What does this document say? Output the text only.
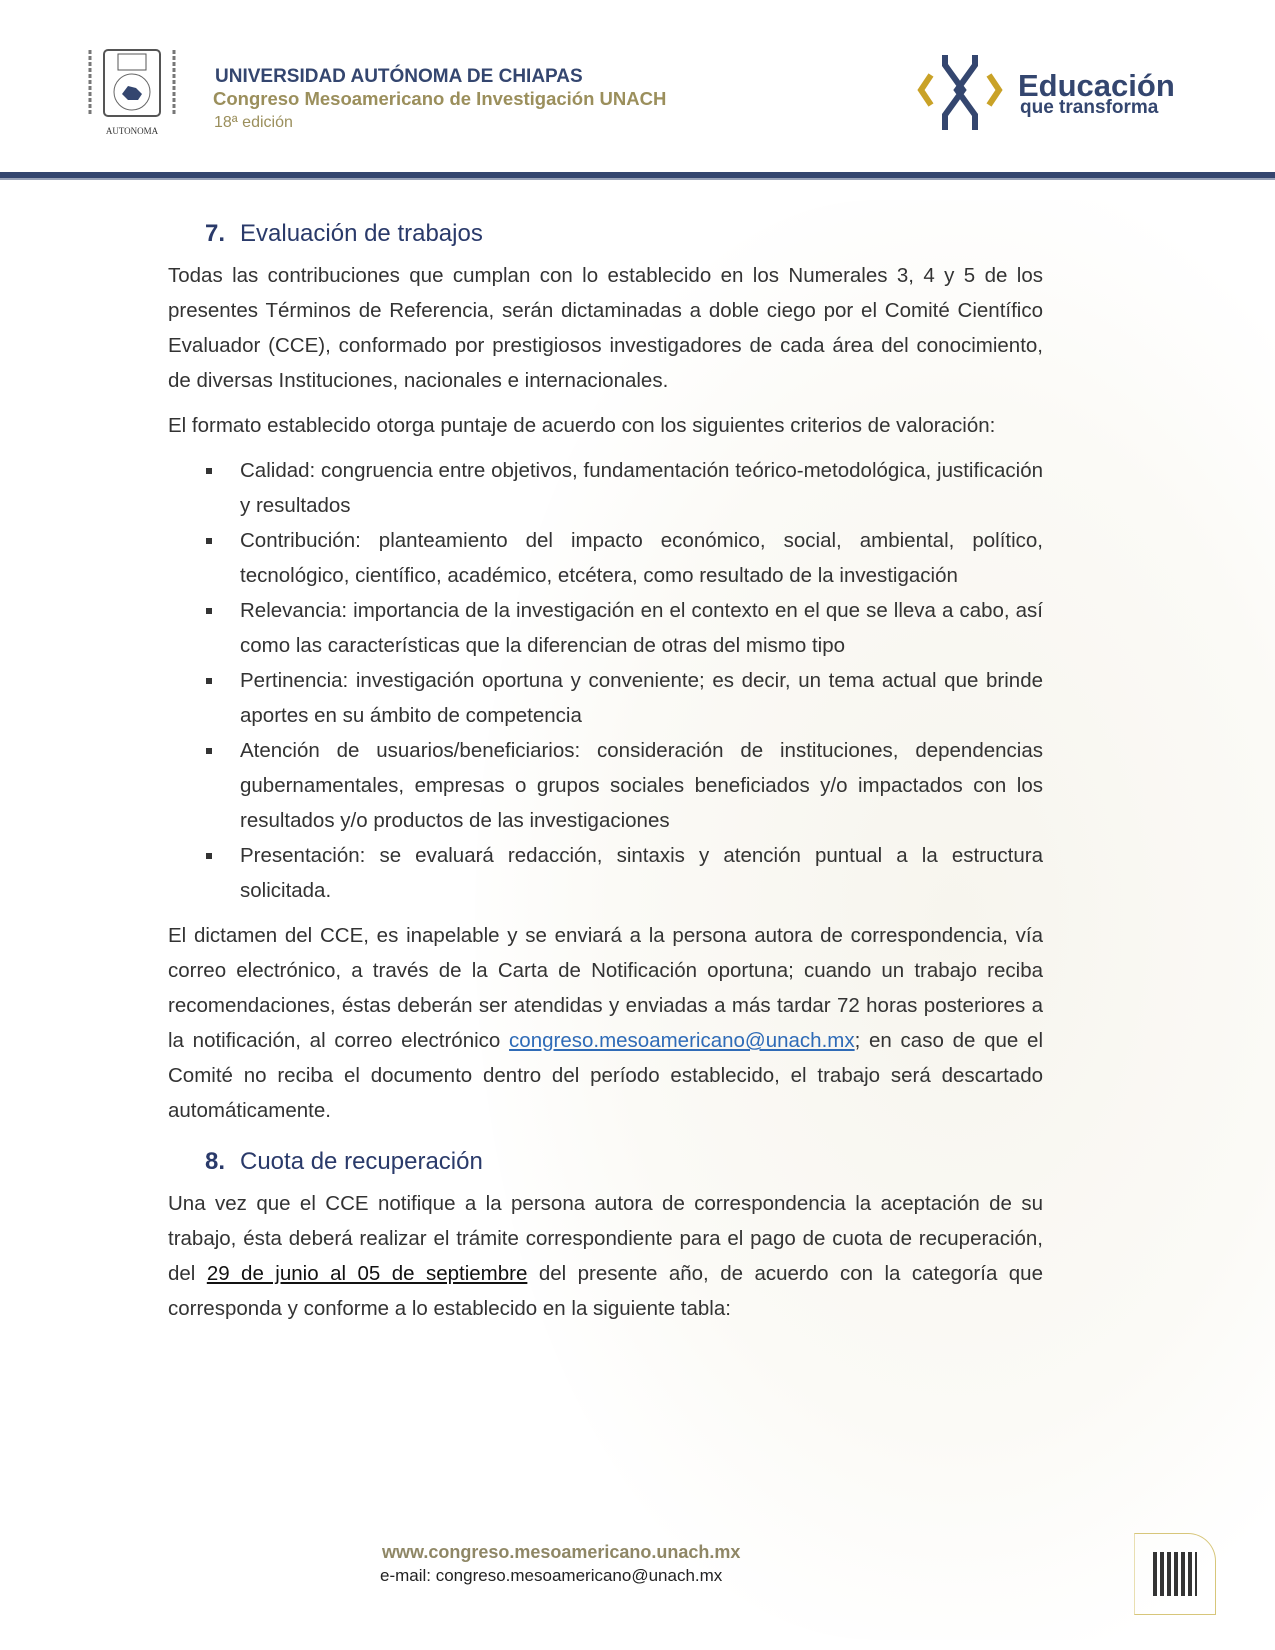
AUTONOMA
UNIVERSIDAD AUTÓNOMA DE CHIAPAS
Congreso Mesoamericano de Investigación UNACH
18ª edición
Educación
que transforma
7. Evaluación de trabajos

Todas las contribuciones que cumplan con lo establecido en los Numerales 3, 4 y 5 de los presentes Términos de Referencia, serán dictaminadas a doble ciego por el Comité Científico Evaluador (CCE), conformado por prestigiosos investigadores de cada área del conocimiento, de diversas Instituciones, nacionales e internacionales.

El formato establecido otorga puntaje de acuerdo con los siguientes criterios de valoración:

Calidad: congruencia entre objetivos, fundamentación teórico-metodológica, justificación y resultados
Contribución: planteamiento del impacto económico, social, ambiental, político, tecnológico, científico, académico, etcétera, como resultado de la investigación
Relevancia: importancia de la investigación en el contexto en el que se lleva a cabo, así como las características que la diferencian de otras del mismo tipo
Pertinencia: investigación oportuna y conveniente; es decir, un tema actual que brinde aportes en su ámbito de competencia
Atención de usuarios/beneficiarios: consideración de instituciones, dependencias gubernamentales, empresas o grupos sociales beneficiados y/o impactados con los resultados y/o productos de las investigaciones
Presentación: se evaluará redacción, sintaxis y atención puntual a la estructura solicitada.

El dictamen del CCE, es inapelable y se enviará a la persona autora de correspondencia, vía correo electrónico, a través de la Carta de Notificación oportuna; cuando un trabajo reciba recomendaciones, éstas deberán ser atendidas y enviadas a más tardar 72 horas posteriores a la notificación, al correo electrónico congreso.mesoamericano@unach.mx; en caso de que el Comité no reciba el documento dentro del período establecido, el trabajo será descartado automáticamente.

8. Cuota de recuperación

Una vez que el CCE notifique a la persona autora de correspondencia la aceptación de su trabajo, ésta deberá realizar el trámite correspondiente para el pago de cuota de recuperación, del 29 de junio al 05 de septiembre del presente año, de acuerdo con la categoría que corresponda y conforme a lo establecido en la siguiente tabla:

www.congreso.mesoamericano.unach.mx
e-mail: congreso.mesoamericano@unach.mx
